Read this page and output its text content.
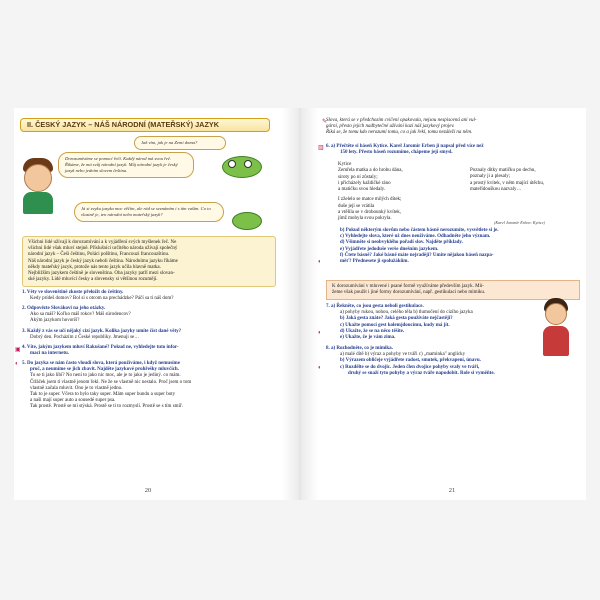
II. ČESKÝ JAZYK – NÁŠ NÁRODNÍ (MATEŘSKÝ) JAZYK
Jak vím, jak je na Zemi doma?
Dorozumíváme se pomocí řečí. Každý národ má svou řeč. Říkáme, že má svůj národní jazyk. Můj národní jazyk je český jazyk nebo jedním slovem čeština.
Já si zvyku jazyka moc věčím, ale rád se seznámím i s tím vaším. Co to vlastně je, ten národní nebo mateřský jazyk?
Všichni lidé užívají k dorozumívání a k vyjádření svých myšlenek řeč. Ne
všichni lidé však mluví stejně. Příslušníci určitého národa užívají společný
národní jazyk – Češi češtinu, Poláci polštinu, Francouzi francouzštinu.
Náš národní jazyk je český jazyk neboli čeština. Národnímu jazyku říkáme
někdy mateřský jazyk, protože nás tento jazyk učila hlavně matka.
Nejbližším jazykem češtině je slovenština. Oba jazyky patří mezi slovan-
ské jazyky. Lidé mluvící česky a slovensky si většinou rozumějí.
1. Věty ve slovenštině zkuste přeložit do češtiny.
Kedy prídeš domov? Bol si s otcom na prechádzke? Páčí sa ti náš dom?
2. Odpovězte Slovákovi na jeho otázky.
Ako sa máš? Koľko máš rokov? Máš súrodencov?
Akým jazykom hovoríš?
3. Každý z vás se učí nějaký cizí jazyk. Kolika jazyky umíte číst dané věty?
Dobrý den. Pocházím z České republiky. Jmenuji se…
▣ 4. Víte, jakým jazykem mluví Rakušané? Pokud ne, vyhledejte tuto infor-
maci na internetu.
◐ 5. Do jazyka se nám často vloudí slova, která používáme, i když nemusíme
proč, a neumíme se jich zbavit. Najděte jazykové prohřešky mluvčích.
To se ti jako líbí? No není to jako nic moc, ale je to jako je jediný. co mám.
Čtřáček jsem ti vlastně jenom řekl. Ne že se vlastně nic nestalo. Proč jsem o tom
vlastně začala mluvit. Ono je to vlastně jedno.
Tak to je super. Včera to bylo taky super. Mám super bundu a super boty
a naši mají super auto a sousedé super psa.
Tak prostě. Prostě se mi stýská. Prostě se ti to rozmyslí. Prostě se s tím smíř.
20
✎
Slova, která se v předchozím cvičení opakovala, nejsou nespisovná ani vul-
gární, přesto jejich nadbytečné užívání kazí náš jazykový projev.
Říká se, že tomu kdo nerozumí tomu, co a jak řekl, tomu nezáleží na něm.
▥ 6. a) Přečtěte si báseň Kytice. Karel Jaromír Erben ji napsal před více než
150 lety. Přesto báseň rozumíme, chápeme její smysl.
Kytice
Zemřela matka a do hrobu dána,
siroty po ní zůstaly;
i přicházely každičké ráno
a matičku svou hledaly.
I zželelo se matce milých dítek;
duše její se vrátila
a vtělila se v drobounký kvítek,
jímž mohyla svou pokryla.
Poznaly dítky matičku po dechu,
poznaly ji a plesaly;
a prostý kvítek, v něm mající útěchu,
mateřídouškou nazvaly…
(Karel Jaromír Erben: Kytice)
b) Pokud některým slovům nebo částem básně nerozumíte, vysvětlete si je.
c) Vyhledejte slova, které už dnes neužíváme. Odhadněte jeho význam.
d) Všimněte si neobvyklého pořadí slov. Najděte příklady.
e) Vyjádřete jedoduše verše dnešním jazykem.
f) Čtete básně? Jaké básně máte nejraději? Umíte nějakou báseň nazpa-
měť? Přednesete ji spolužákům.
◐
K dorozumívání v mluvené i psané formě využíváme především jazyk. Mů-
žeme však použít i jiné formy dorozumívání, např. gestikulaci nebo mimiku.
7. a) Řekněte, co jsou gesta neboli gestikulace.
a) pohyby rukou, nohou, celého těla b) tlumočení do cizího jazyka
b) Jaká gesta znáte? Jaká gesta používáte nejčastěji?
c) Ukažte pomocí gest kolemjdoucímu, kudy má jít.
d) Ukažte, že se na něco těšíte.
e) Ukažte, že je vám zima.
◐
8. a) Rozhodněte, co je mimika.
a) malé dítě b) výraz a pohyby ve tváři c) „maminka" anglicky
b) Výrazem obličeje vyjádřete radost, smutek, překvapení, únavu.
c) Rozdělte se do dvojic. Jeden člen dvojice pohyby svaly ve tváři,
druhý se snaží tyto pohyby a výraz tváře napodobit. Role si vyměňte.
◐
21
